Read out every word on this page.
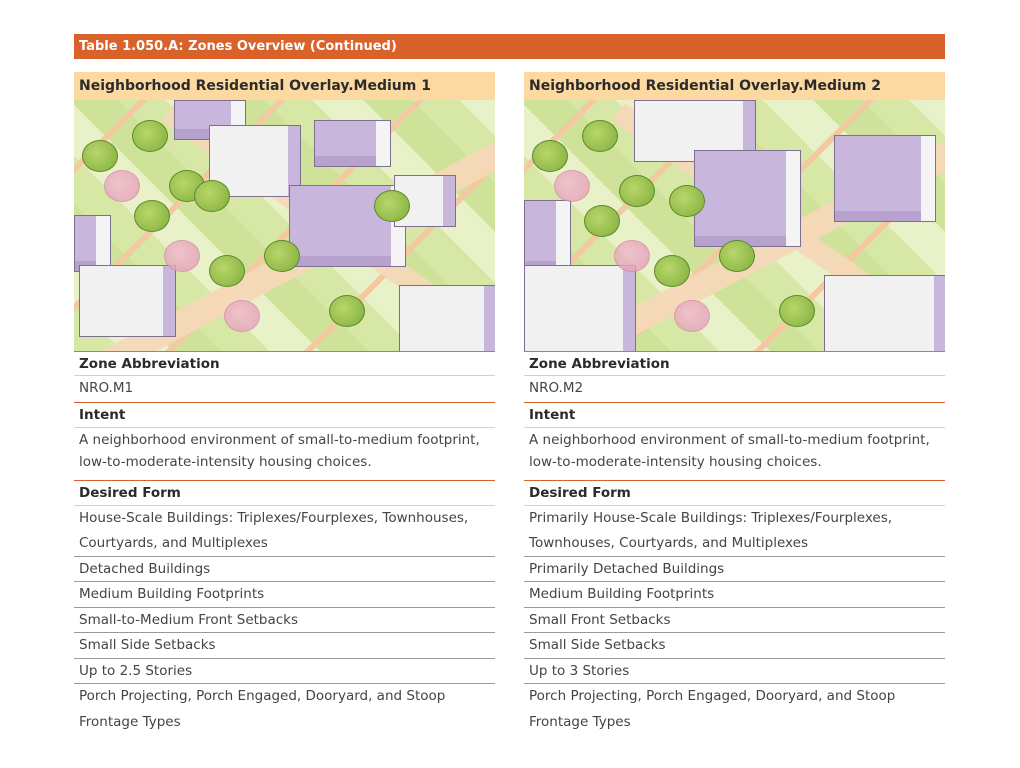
Table 1.050.A: Zones Overview (Continued)
Neighborhood Residential Overlay.Medium 1
Zone Abbreviation
NRO.M1
Intent
A neighborhood environment of small-to-medium footprint, low-to-moderate-intensity housing choices.
Desired Form
House-Scale Buildings: Triplexes/Fourplexes, Townhouses, Courtyards, and Multiplexes
Detached Buildings
Medium Building Footprints
Small-to-Medium Front Setbacks
Small Side Setbacks
Up to 2.5 Stories
Porch Projecting, Porch Engaged, Dooryard, and Stoop Frontage Types
Neighborhood Residential Overlay.Medium 2
Zone Abbreviation
NRO.M2
Intent
A neighborhood environment of small-to-medium footprint, low-to-moderate-intensity housing choices.
Desired Form
Primarily House-Scale Buildings: Triplexes/Fourplexes, Townhouses, Courtyards, and Multiplexes
Primarily Detached Buildings
Medium Building Footprints
Small Front Setbacks
Small Side Setbacks
Up to 3 Stories
Porch Projecting, Porch Engaged, Dooryard, and Stoop Frontage Types
